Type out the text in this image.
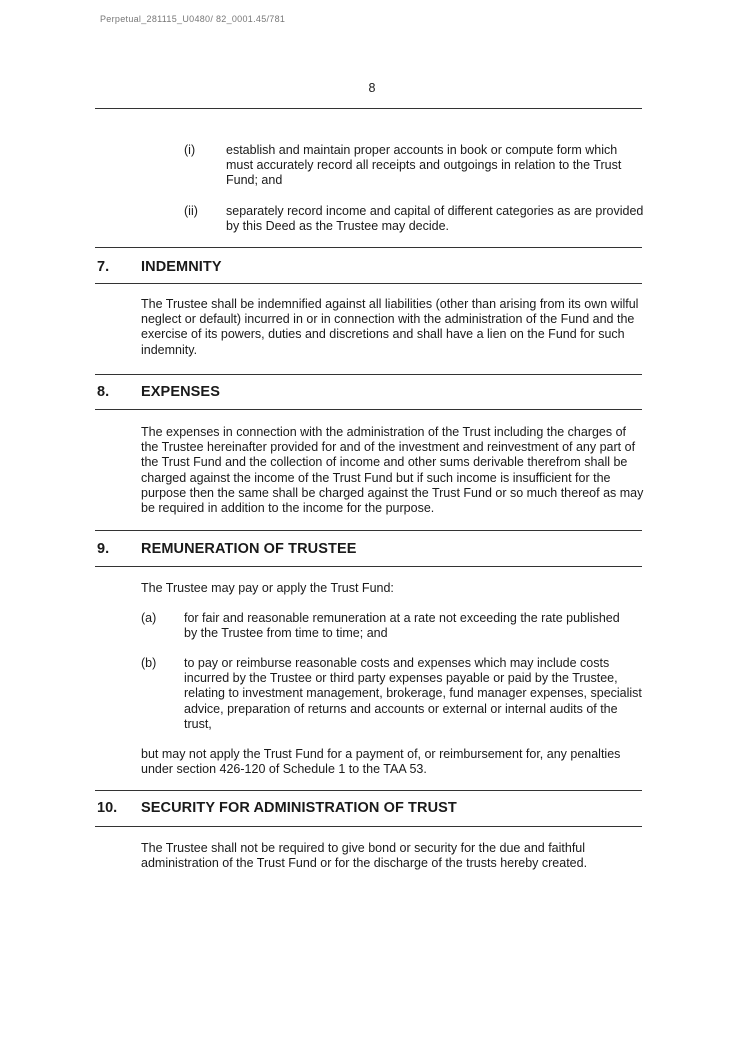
Perpetual_281115_U0480/ 82_0001.45/781
8
(i) establish and maintain proper accounts in book or compute form which must accurately record all receipts and outgoings in relation to the Trust Fund; and

(ii) separately record income and capital of different categories as are provided by this Deed as the Trustee may decide.

7. INDEMNITY

The Trustee shall be indemnified against all liabilities (other than arising from its own wilful neglect or default) incurred in or in connection with the administration of the Fund and the exercise of its powers, duties and discretions and shall have a lien on the Fund for such indemnity.

8. EXPENSES

The expenses in connection with the administration of the Trust including the charges of the Trustee hereinafter provided for and of the investment and reinvestment of any part of the Trust Fund and the collection of income and other sums derivable therefrom shall be charged against the income of the Trust Fund but if such income is insufficient for the purpose then the same shall be charged against the Trust Fund or so much thereof as may be required in addition to the income for the purpose.

9. REMUNERATION OF TRUSTEE

The Trustee may pay or apply the Trust Fund:

(a) for fair and reasonable remuneration at a rate not exceeding the rate published by the Trustee from time to time; and

(b) to pay or reimburse reasonable costs and expenses which may include costs incurred by the Trustee or third party expenses payable or paid by the Trustee, relating to investment management, brokerage, fund manager expenses, specialist advice, preparation of returns and accounts or external or internal audits of the trust,

but may not apply the Trust Fund for a payment of, or reimbursement for, any penalties under section 426-120 of Schedule 1 to the TAA 53.

10. SECURITY FOR ADMINISTRATION OF TRUST

The Trustee shall not be required to give bond or security for the due and faithful administration of the Trust Fund or for the discharge of the trusts hereby created.
